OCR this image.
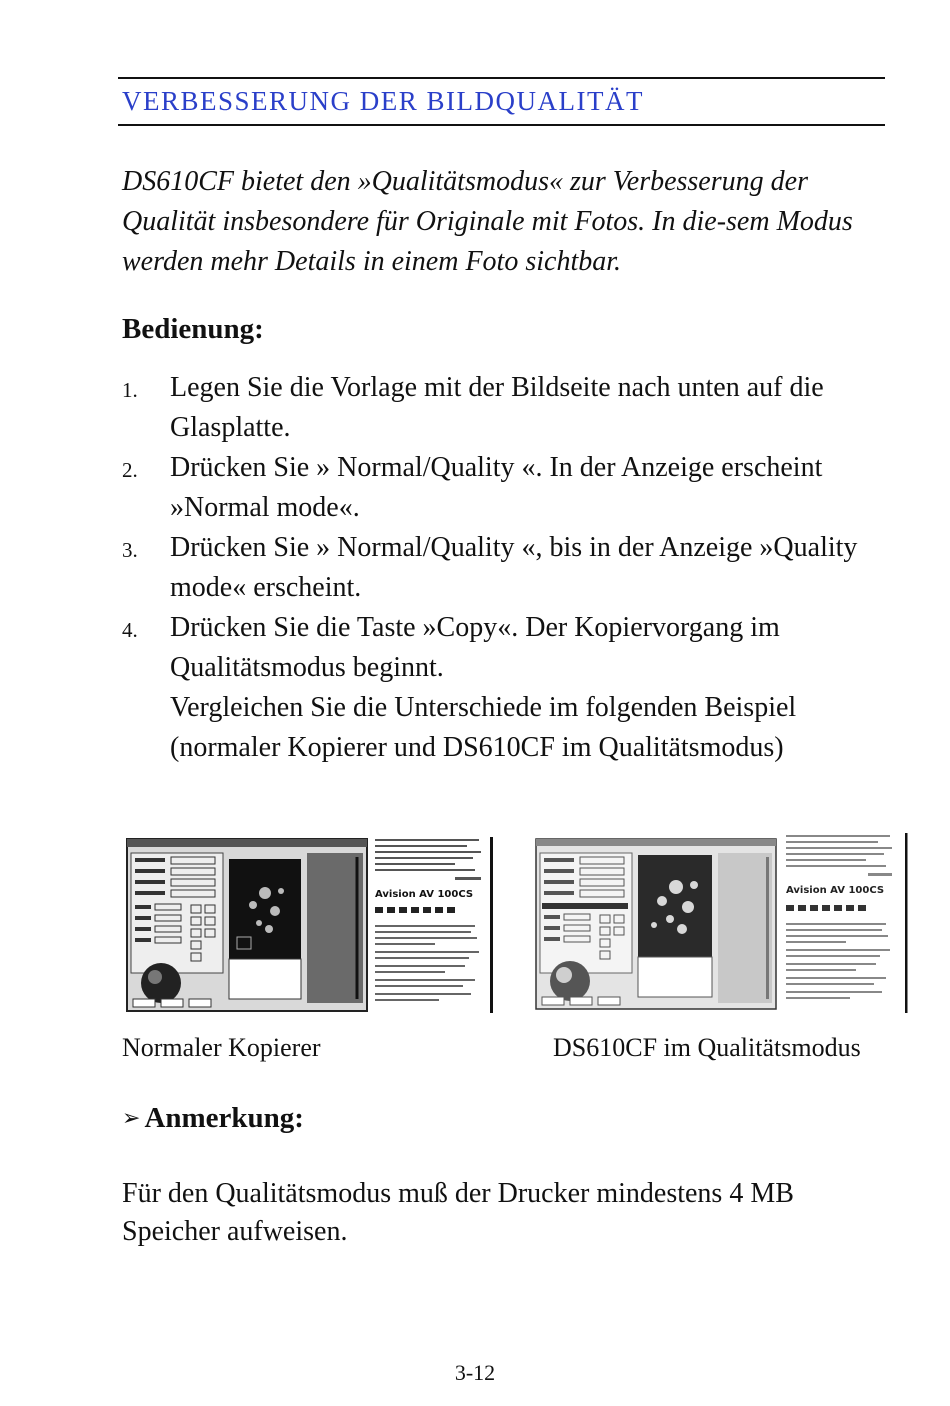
VERBESSERUNG DER BILDQUALITÄT

DS610CF bietet den »Qualitätsmodus« zur Verbesserung der Qualität insbesondere für Originale mit Fotos. In die-sem Modus werden mehr Details in einem Foto sichtbar.

Bedienung:
1.	Legen Sie die Vorlage mit der Bildseite nach unten auf die Glasplatte.
2.	Drücken Sie » Normal/Quality «. In der Anzeige erscheint »Normal mode«.
3.	Drücken Sie » Normal/Quality «, bis in der Anzeige »Quality mode« erscheint.
4.	Drücken Sie die Taste »Copy«. Der Kopiervorgang im Qualitätsmodus beginnt.
Vergleichen Sie die Unterschiede im folgenden Beispiel (normaler Kopierer und DS610CF im Qualitätsmodus)
Avision AV 100CS	Avision AV 100CS
Normaler Kopierer	DS610CF im Qualitätsmodus
➢ Anmerkung:

Für den Qualitätsmodus muß der Drucker mindestens 4 MB Speicher aufweisen.

3-12
